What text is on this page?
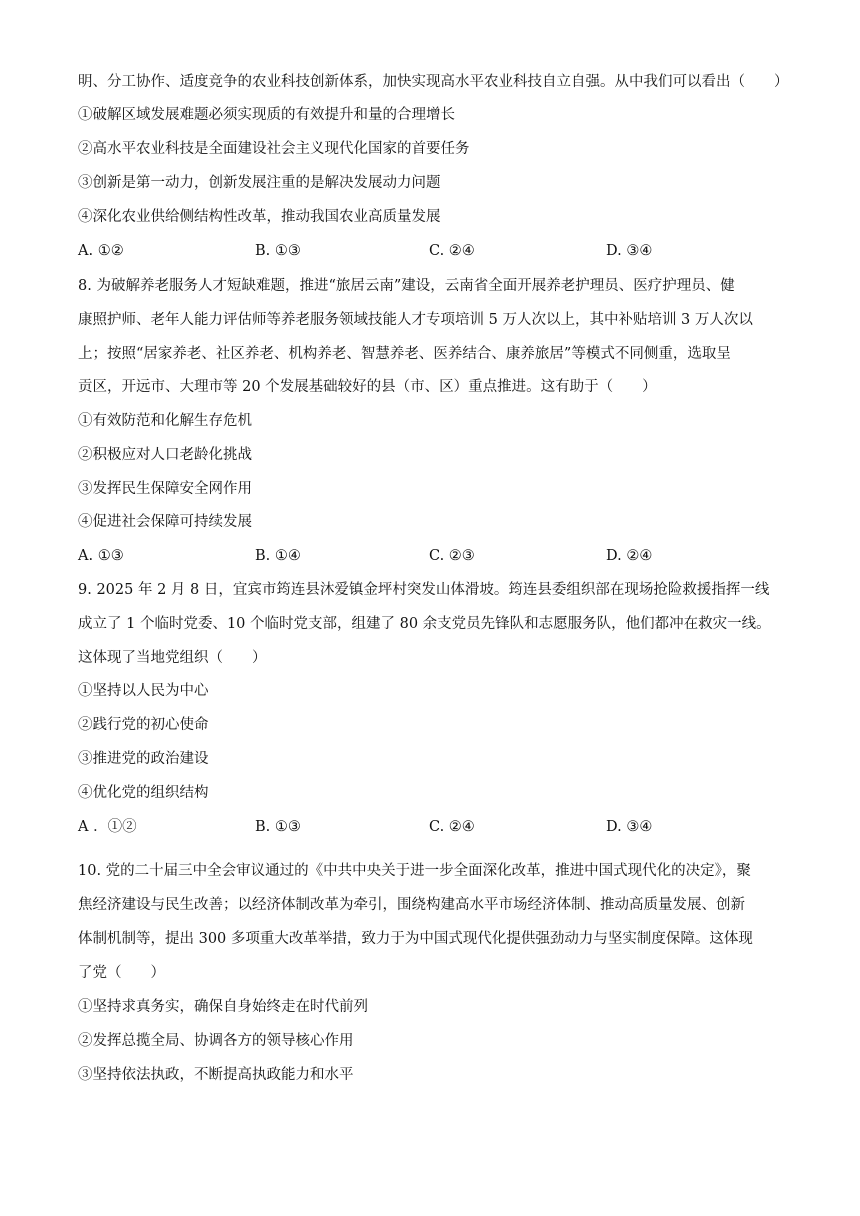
明、分工协作、适度竞争的农业科技创新体系，加快实现高水平农业科技自立自强。从中我们可以看出（　　）
①破解区域发展难题必须实现质的有效提升和量的合理增长
②高水平农业科技是全面建设社会主义现代化国家的首要任务
③创新是第一动力，创新发展注重的是解决发展动力问题
④深化农业供给侧结构性改革，推动我国农业高质量发展
A. ①②	B. ①③	C. ②④	D. ③④
8. 为破解养老服务人才短缺难题，推进“旅居云南”建设，云南省全面开展养老护理员、医疗护理员、健
康照护师、老年人能力评估师等养老服务领域技能人才专项培训 5 万人次以上，其中补贴培训 3 万人次以
上；按照“居家养老、社区养老、机构养老、智慧养老、医养结合、康养旅居”等模式不同侧重，选取呈
贡区，开远市、大理市等 20 个发展基础较好的县（市、区）重点推进。这有助于（　　）
①有效防范和化解生存危机
②积极应对人口老龄化挑战
③发挥民生保障安全网作用
④促进社会保障可持续发展
A. ①③	B. ①④	C. ②③	D. ②④
9. 2025 年 2 月 8 日，宜宾市筠连县沐爱镇金坪村突发山体滑坡。筠连县委组织部在现场抢险救援指挥一线
成立了 1 个临时党委、10 个临时党支部，组建了 80 余支党员先锋队和志愿服务队，他们都冲在救灾一线。
这体现了当地党组织（　　）
①坚持以人民为中心
②践行党的初心使命
③推进党的政治建设
④优化党的组织结构
A ．①②	B. ①③	C. ②④	D. ③④
10. 党的二十届三中全会审议通过的《中共中央关于进一步全面深化改革，推进中国式现代化的决定》，聚
焦经济建设与民生改善；以经济体制改革为牵引，围绕构建高水平市场经济体制、推动高质量发展、创新
体制机制等，提出 300 多项重大改革举措，致力于为中国式现代化提供强劲动力与坚实制度保障。这体现
了党（　　）
①坚持求真务实，确保自身始终走在时代前列
②发挥总揽全局、协调各方的领导核心作用
③坚持依法执政，不断提高执政能力和水平
